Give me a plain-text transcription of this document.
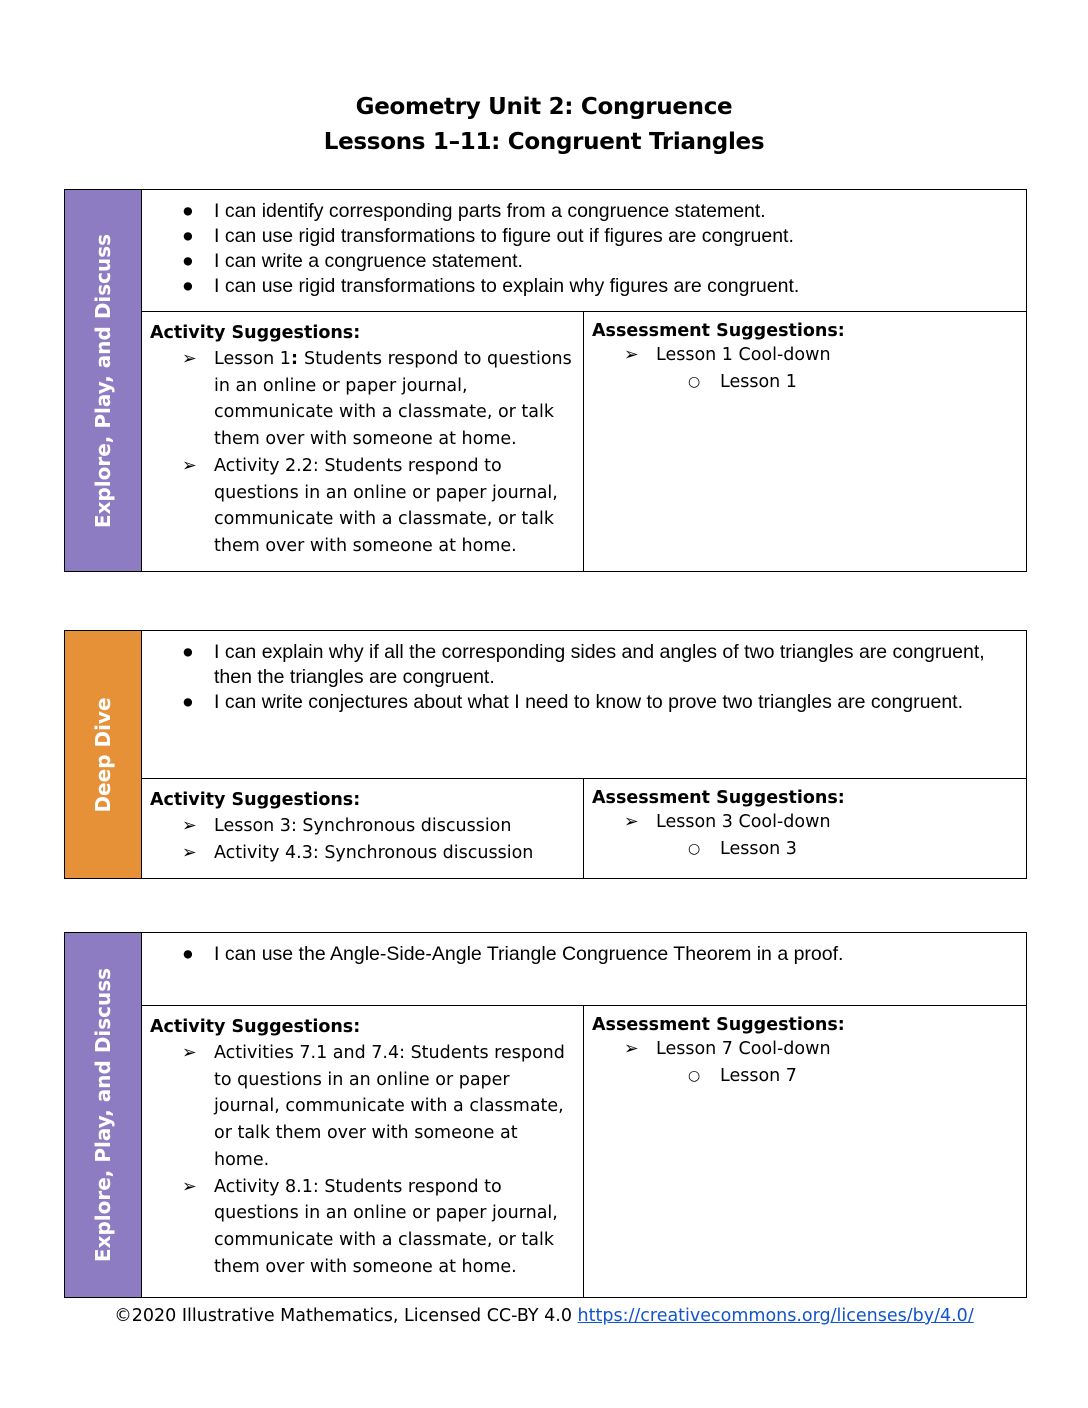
Geometry Unit 2: Congruence
Lessons 1–11: Congruent Triangles
Explore, Play, and Discuss
● I can identify corresponding parts from a congruence statement.
● I can use rigid transformations to figure out if figures are congruent.
● I can write a congruence statement.
● I can use rigid transformations to explain why figures are congruent.
Activity Suggestions:
➢ Lesson 1: Students respond to questions in an online or paper journal, communicate with a classmate, or talk them over with someone at home.
➢ Activity 2.2: Students respond to questions in an online or paper journal, communicate with a classmate, or talk them over with someone at home.
Assessment Suggestions:
➢ Lesson 1 Cool-down
○ Lesson 1
Deep Dive
● I can explain why if all the corresponding sides and angles of two triangles are congruent, then the triangles are congruent.
● I can write conjectures about what I need to know to prove two triangles are congruent.
Activity Suggestions:
➢ Lesson 3: Synchronous discussion
➢ Activity 4.3: Synchronous discussion
Assessment Suggestions:
➢ Lesson 3 Cool-down
○ Lesson 3
Explore, Play, and Discuss
● I can use the Angle-Side-Angle Triangle Congruence Theorem in a proof.
Activity Suggestions:
➢ Activities 7.1 and 7.4: Students respond to questions in an online or paper journal, communicate with a classmate, or talk them over with someone at home.
➢ Activity 8.1: Students respond to questions in an online or paper journal, communicate with a classmate, or talk them over with someone at home.
Assessment Suggestions:
➢ Lesson 7 Cool-down
○ Lesson 7
©2020 Illustrative Mathematics, Licensed CC-BY 4.0 https://creativecommons.org/licenses/by/4.0/
